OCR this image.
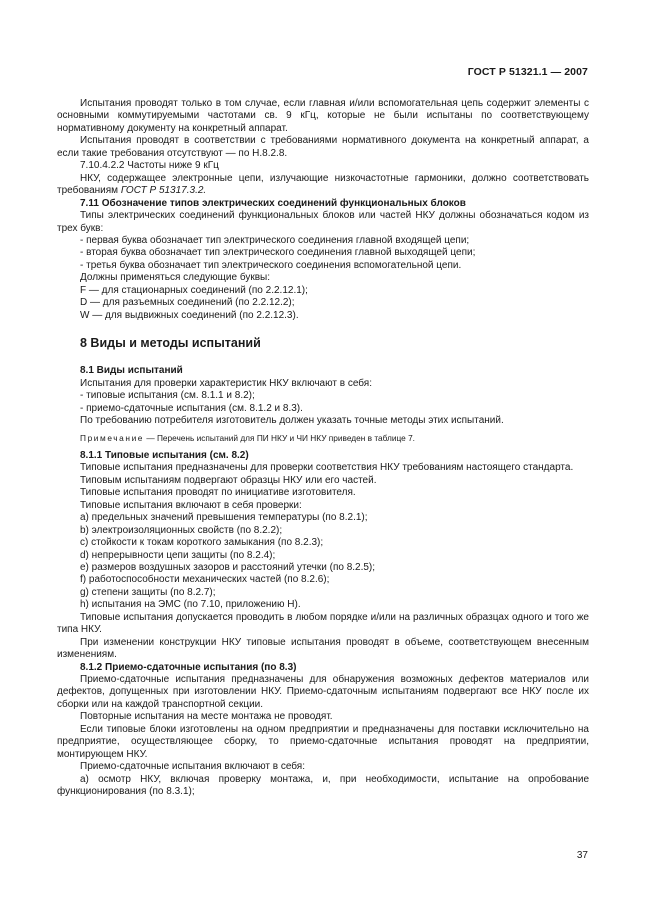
ГОСТ Р 51321.1 — 2007

Испытания проводят только в том случае, если главная и/или вспомогательная цепь содержит элементы с основными коммутируемыми частотами св. 9 кГц, которые не были испытаны по соответствующему нормативному документу на конкретный аппарат.

Испытания проводят в соответствии с требованиями нормативного документа на конкретный аппарат, а если такие требования отсутствуют — по Н.8.2.8.

7.10.4.2.2 Частоты ниже 9 кГц

НКУ, содержащее электронные цепи, излучающие низкочастотные гармоники, должно соответствовать требованиям ГОСТ Р 51317.3.2.

7.11 Обозначение типов электрических соединений функциональных блоков

Типы электрических соединений функциональных блоков или частей НКУ должны обозначаться кодом из трех букв:

- первая буква обозначает тип электрического соединения главной входящей цепи;

- вторая буква обозначает тип электрического соединения главной выходящей цепи;

- третья буква обозначает тип электрического соединения вспомогательной цепи.

Должны применяться следующие буквы:

F — для стационарных соединений (по 2.2.12.1);

D — для разъемных соединений (по 2.2.12.2);

W — для выдвижных соединений (по 2.2.12.3).

8 Виды и методы испытаний

8.1 Виды испытаний

Испытания для проверки характеристик НКУ включают в себя:

- типовые испытания (см. 8.1.1 и 8.2);

- приемо-сдаточные испытания (см. 8.1.2 и 8.3).

По требованию потребителя изготовитель должен указать точные методы этих испытаний.

Примечание — Перечень испытаний для ПИ НКУ и ЧИ НКУ приведен в таблице 7.

8.1.1 Типовые испытания (см. 8.2)

Типовые испытания предназначены для проверки соответствия НКУ требованиям настоящего стандарта.

Типовым испытаниям подвергают образцы НКУ или его частей.

Типовые испытания проводят по инициативе изготовителя.

Типовые испытания включают в себя проверки:

a) предельных значений превышения температуры (по 8.2.1);

b) электроизоляционных свойств (по 8.2.2);

c) стойкости к токам короткого замыкания (по 8.2.3);

d) непрерывности цепи защиты (по 8.2.4);

e) размеров воздушных зазоров и расстояний утечки (по 8.2.5);

f) работоспособности механических частей (по 8.2.6);

g) степени защиты (по 8.2.7);

h) испытания на ЭМС (по 7.10, приложению Н).

Типовые испытания допускается проводить в любом порядке и/или на различных образцах одного и того же типа НКУ.

При изменении конструкции НКУ типовые испытания проводят в объеме, соответствующем внесенным изменениям.

8.1.2 Приемо-сдаточные испытания (по 8.3)

Приемо-сдаточные испытания предназначены для обнаружения возможных дефектов материалов или дефектов, допущенных при изготовлении НКУ. Приемо-сдаточным испытаниям подвергают все НКУ после их сборки или на каждой транспортной секции.

Повторные испытания на месте монтажа не проводят.

Если типовые блоки изготовлены на одном предприятии и предназначены для поставки исключительно на предприятие, осуществляющее сборку, то приемо-сдаточные испытания проводят на предприятии, монтирующем НКУ.

Приемо-сдаточные испытания включают в себя:

a) осмотр НКУ, включая проверку монтажа, и, при необходимости, испытание на опробование функционирования (по 8.3.1);

37
